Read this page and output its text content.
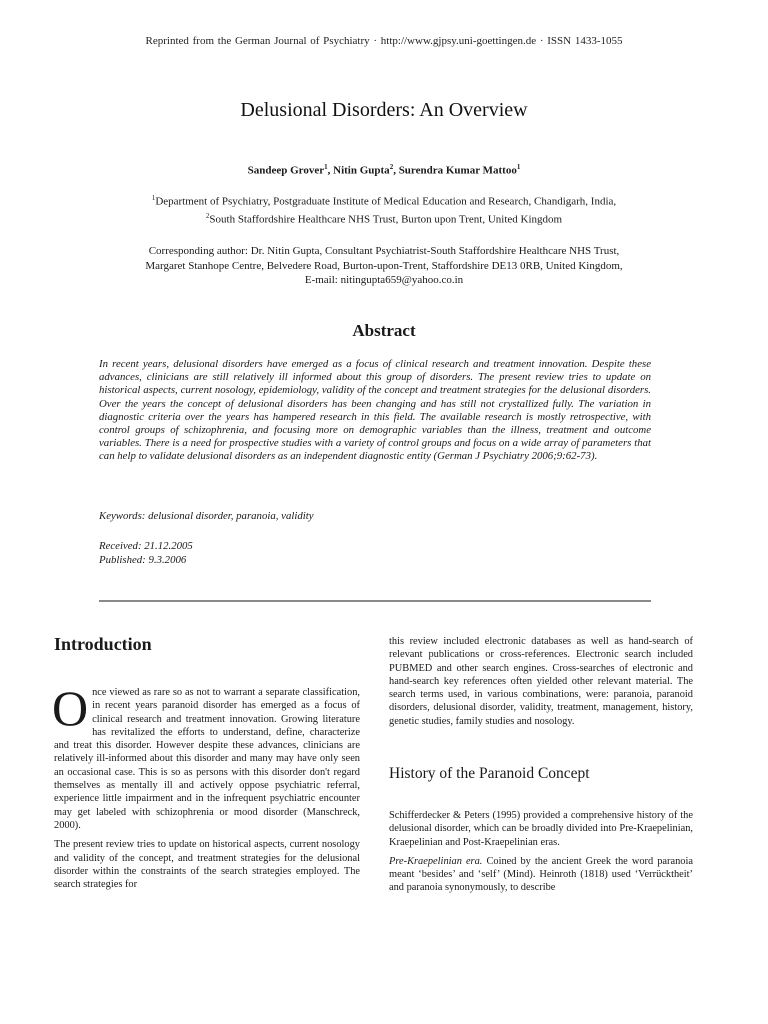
Reprinted from the German Journal of Psychiatry · http://www.gjpsy.uni-goettingen.de · ISSN 1433-1055
Delusional Disorders: An Overview
Sandeep Grover$^1$, Nitin Gupta$^2$, Surendra Kumar Mattoo$^1$
$^1$Department of Psychiatry, Postgraduate Institute of Medical Education and Research, Chandigarh, India,
$^2$South Staffordshire Healthcare NHS Trust, Burton upon Trent, United Kingdom
Corresponding author: Dr. Nitin Gupta, Consultant Psychiatrist-South Staffordshire Healthcare NHS Trust,
Margaret Stanhope Centre, Belvedere Road, Burton-upon-Trent, Staffordshire DE13 0RB, United Kingdom,
E-mail: nitingupta659@yahoo.co.in
Abstract
In recent years, delusional disorders have emerged as a focus of clinical research and treatment innovation. Despite these advances, clinicians are still relatively ill informed about this group of disorders. The present review tries to update on historical aspects, current nosology, epidemiology, validity of the concept and treatment strategies for the delusional disorders. Over the years the concept of delusional disorders has been changing and has still not crystallized fully. The variation in diagnostic criteria over the years has hampered research in this field. The available research is mostly retrospective, with control groups of schizophrenia, and focusing more on demographic variables than the illness, treatment and outcome variables. There is a need for prospective studies with a variety of control groups and focus on a wide array of parameters that can help to validate delusional disorders as an independent diagnostic entity (German J Psychiatry 2006;9:62-73).
Keywords: delusional disorder, paranoia, validity
Received: 21.12.2005
Published: 9.3.2006
Introduction

Once viewed as rare so as not to warrant a separate classification, in recent years paranoid disorder has emerged as a focus of clinical research and treatment innovation. Growing literature has revitalized the efforts to understand, define, characterize and treat this disorder. However despite these advances, clinicians are relatively ill-informed about this disorder and many may have only seen an occasional case. This is so as persons with this disorder don't regard themselves as mentally ill and actively oppose psychiatric referral, experience little impairment and in the infrequent psychiatric encounter may get labeled with schizophrenia or mood disorder (Manschreck, 2000).

The present review tries to update on historical aspects, current nosology and validity of the concept, and treatment strategies for the delusional disorder within the constraints of the search strategies employed. The search strategies for

this review included electronic databases as well as hand-search of relevant publications or cross-references. Electronic search included PUBMED and other search engines. Cross-searches of electronic and hand-search key references often yielded other relevant material. The search terms used, in various combinations, were: paranoia, paranoid disorders, delusional disorder, validity, treatment, management, history, genetic studies, family studies and nosology.

History of the Paranoid Concept

Schifferdecker & Peters (1995) provided a comprehensive history of the delusional disorder, which can be broadly divided into Pre-Kraepelinian, Kraepelinian and Post-Kraepelinian eras.

Pre-Kraepelinian era. Coined by the ancient Greek the word paranoia meant ‘besides’ and ‘self’ (Mind). Heinroth (1818) used ‘Verrücktheit’ and paranoia synonymously, to describe
